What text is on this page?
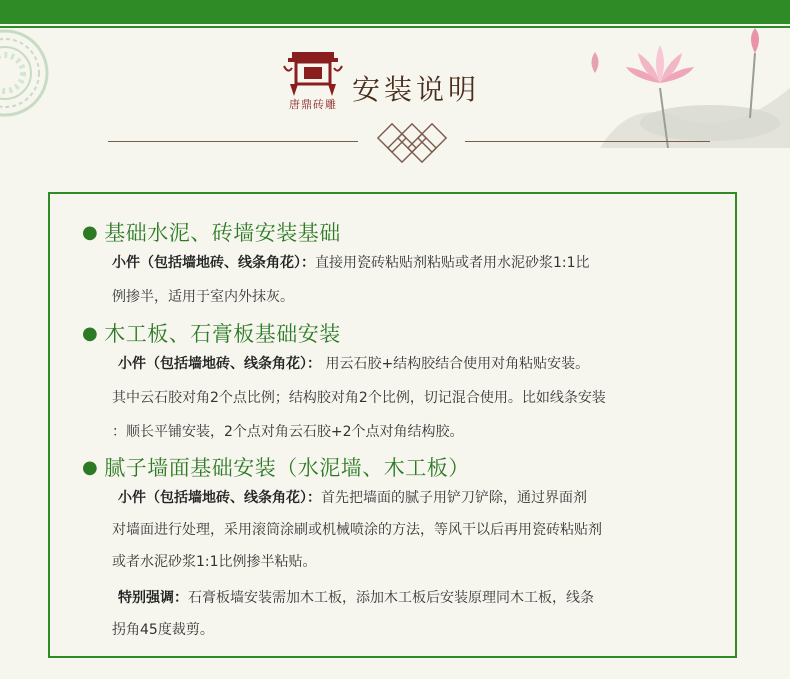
唐鼎砖雕 安装说明
● 基础水泥、砖墙安装基础
小件（包括墙地砖、线条角花）：直接用瓷砖粘贴剂粘贴或者用水泥砂浆1:1比
例掺半，适用于室内外抹灰。
● 木工板、石膏板基础安装
小件（包括墙地砖、线条角花）： 用云石胶+结构胶结合使用对角粘贴安装。
其中云石胶对角2个点比例；结构胶对角2个比例，切记混合使用。比如线条安装
：顺长平铺安装，2个点对角云石胶+2个点对角结构胶。
● 腻子墙面基础安装（水泥墙、木工板）
小件（包括墙地砖、线条角花）：首先把墙面的腻子用铲刀铲除，通过界面剂
对墙面进行处理，采用滚筒涂刷或机械喷涂的方法，等风干以后再用瓷砖粘贴剂
或者水泥砂浆1:1比例掺半粘贴。
特别强调：石膏板墙安装需加木工板，添加木工板后安装原理同木工板，线条
拐角45度裁剪。
